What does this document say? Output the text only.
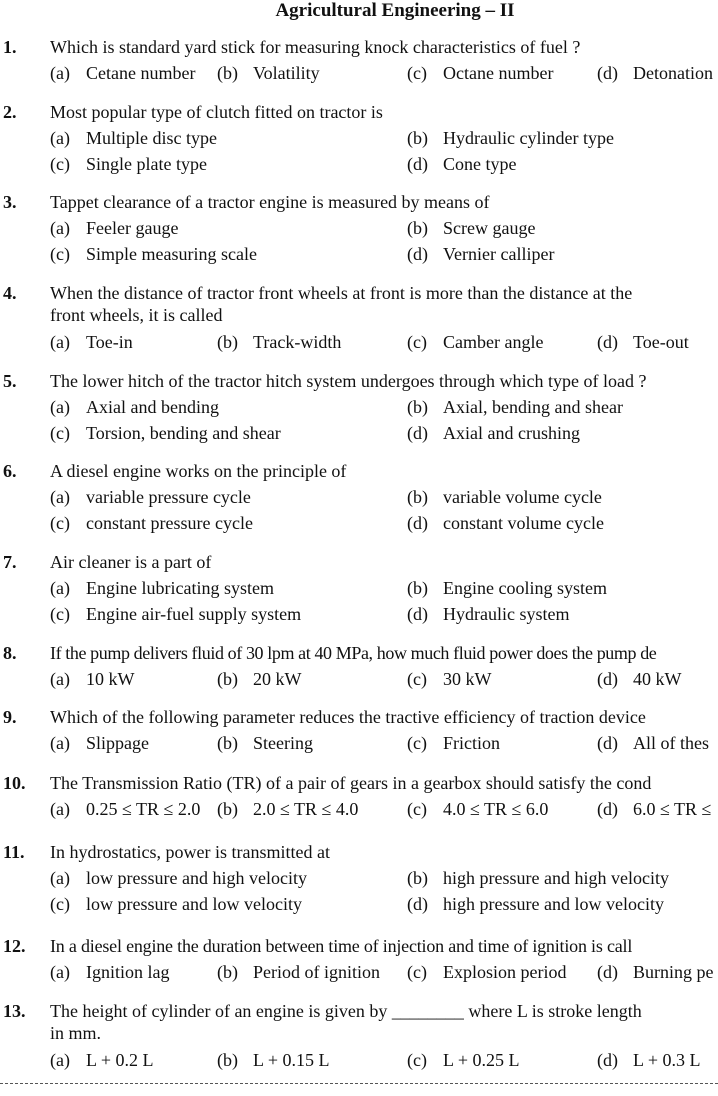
Agricultural Engineering – II
1. Which is standard yard stick for measuring knock characteristics of fuel ?
(a) Cetane number (b) Volatility	(c) Octane number (d) Detonation
2. Most popular type of clutch fitted on tractor is
(a) Multiple disc type	(b) Hydraulic cylinder type
(c) Single plate type	(d) Cone type
3. Tappet clearance of a tractor engine is measured by means of
(a) Feeler gauge	(b) Screw gauge
(c) Simple measuring scale	(d) Vernier calliper
4. When the distance of tractor front wheels at front is more than the distance at the
front wheels, it is called
(a) Toe-in	(b) Track-width	(c) Camber angle	(d) Toe-out
5. The lower hitch of the tractor hitch system undergoes through which type of load ?
(a) Axial and bending	(b) Axial, bending and shear
(c) Torsion, bending and shear	(d) Axial and crushing
6. A diesel engine works on the principle of
(a) variable pressure cycle	(b) variable volume cycle
(c) constant pressure cycle	(d) constant volume cycle
7. Air cleaner is a part of
(a) Engine lubricating system	(b) Engine cooling system
(c) Engine air-fuel supply system	(d) Hydraulic system
8. If the pump delivers fluid of 30 lpm at 40 MPa, how much fluid power does the pump de
(a) 10 kW	(b) 20 kW	(c) 30 kW	(d) 40 kW
9. Which of the following parameter reduces the tractive efficiency of traction device
(a) Slippage	(b) Steering	(c) Friction	(d) All of thes
10. The Transmission Ratio (TR) of a pair of gears in a gearbox should satisfy the cond
(a) 0.25 ≤ TR ≤ 2.0 (b) 2.0 ≤ TR ≤ 4.0	(c) 4.0 ≤ TR ≤ 6.0	(d) 6.0 ≤ TR ≤
11. In hydrostatics, power is transmitted at
(a) low pressure and high velocity	(b) high pressure and high velocity
(c) low pressure and low velocity	(d) high pressure and low velocity
12. In a diesel engine the duration between time of injection and time of ignition is call
(a) Ignition lag	(b) Period of ignition (c) Explosion period (d) Burning pe
13. The height of cylinder of an engine is given by ________ where L is stroke length
in mm.
(a) L + 0.2 L	(b) L + 0.15 L	(c) L + 0.25 L	(d) L + 0.3 L
